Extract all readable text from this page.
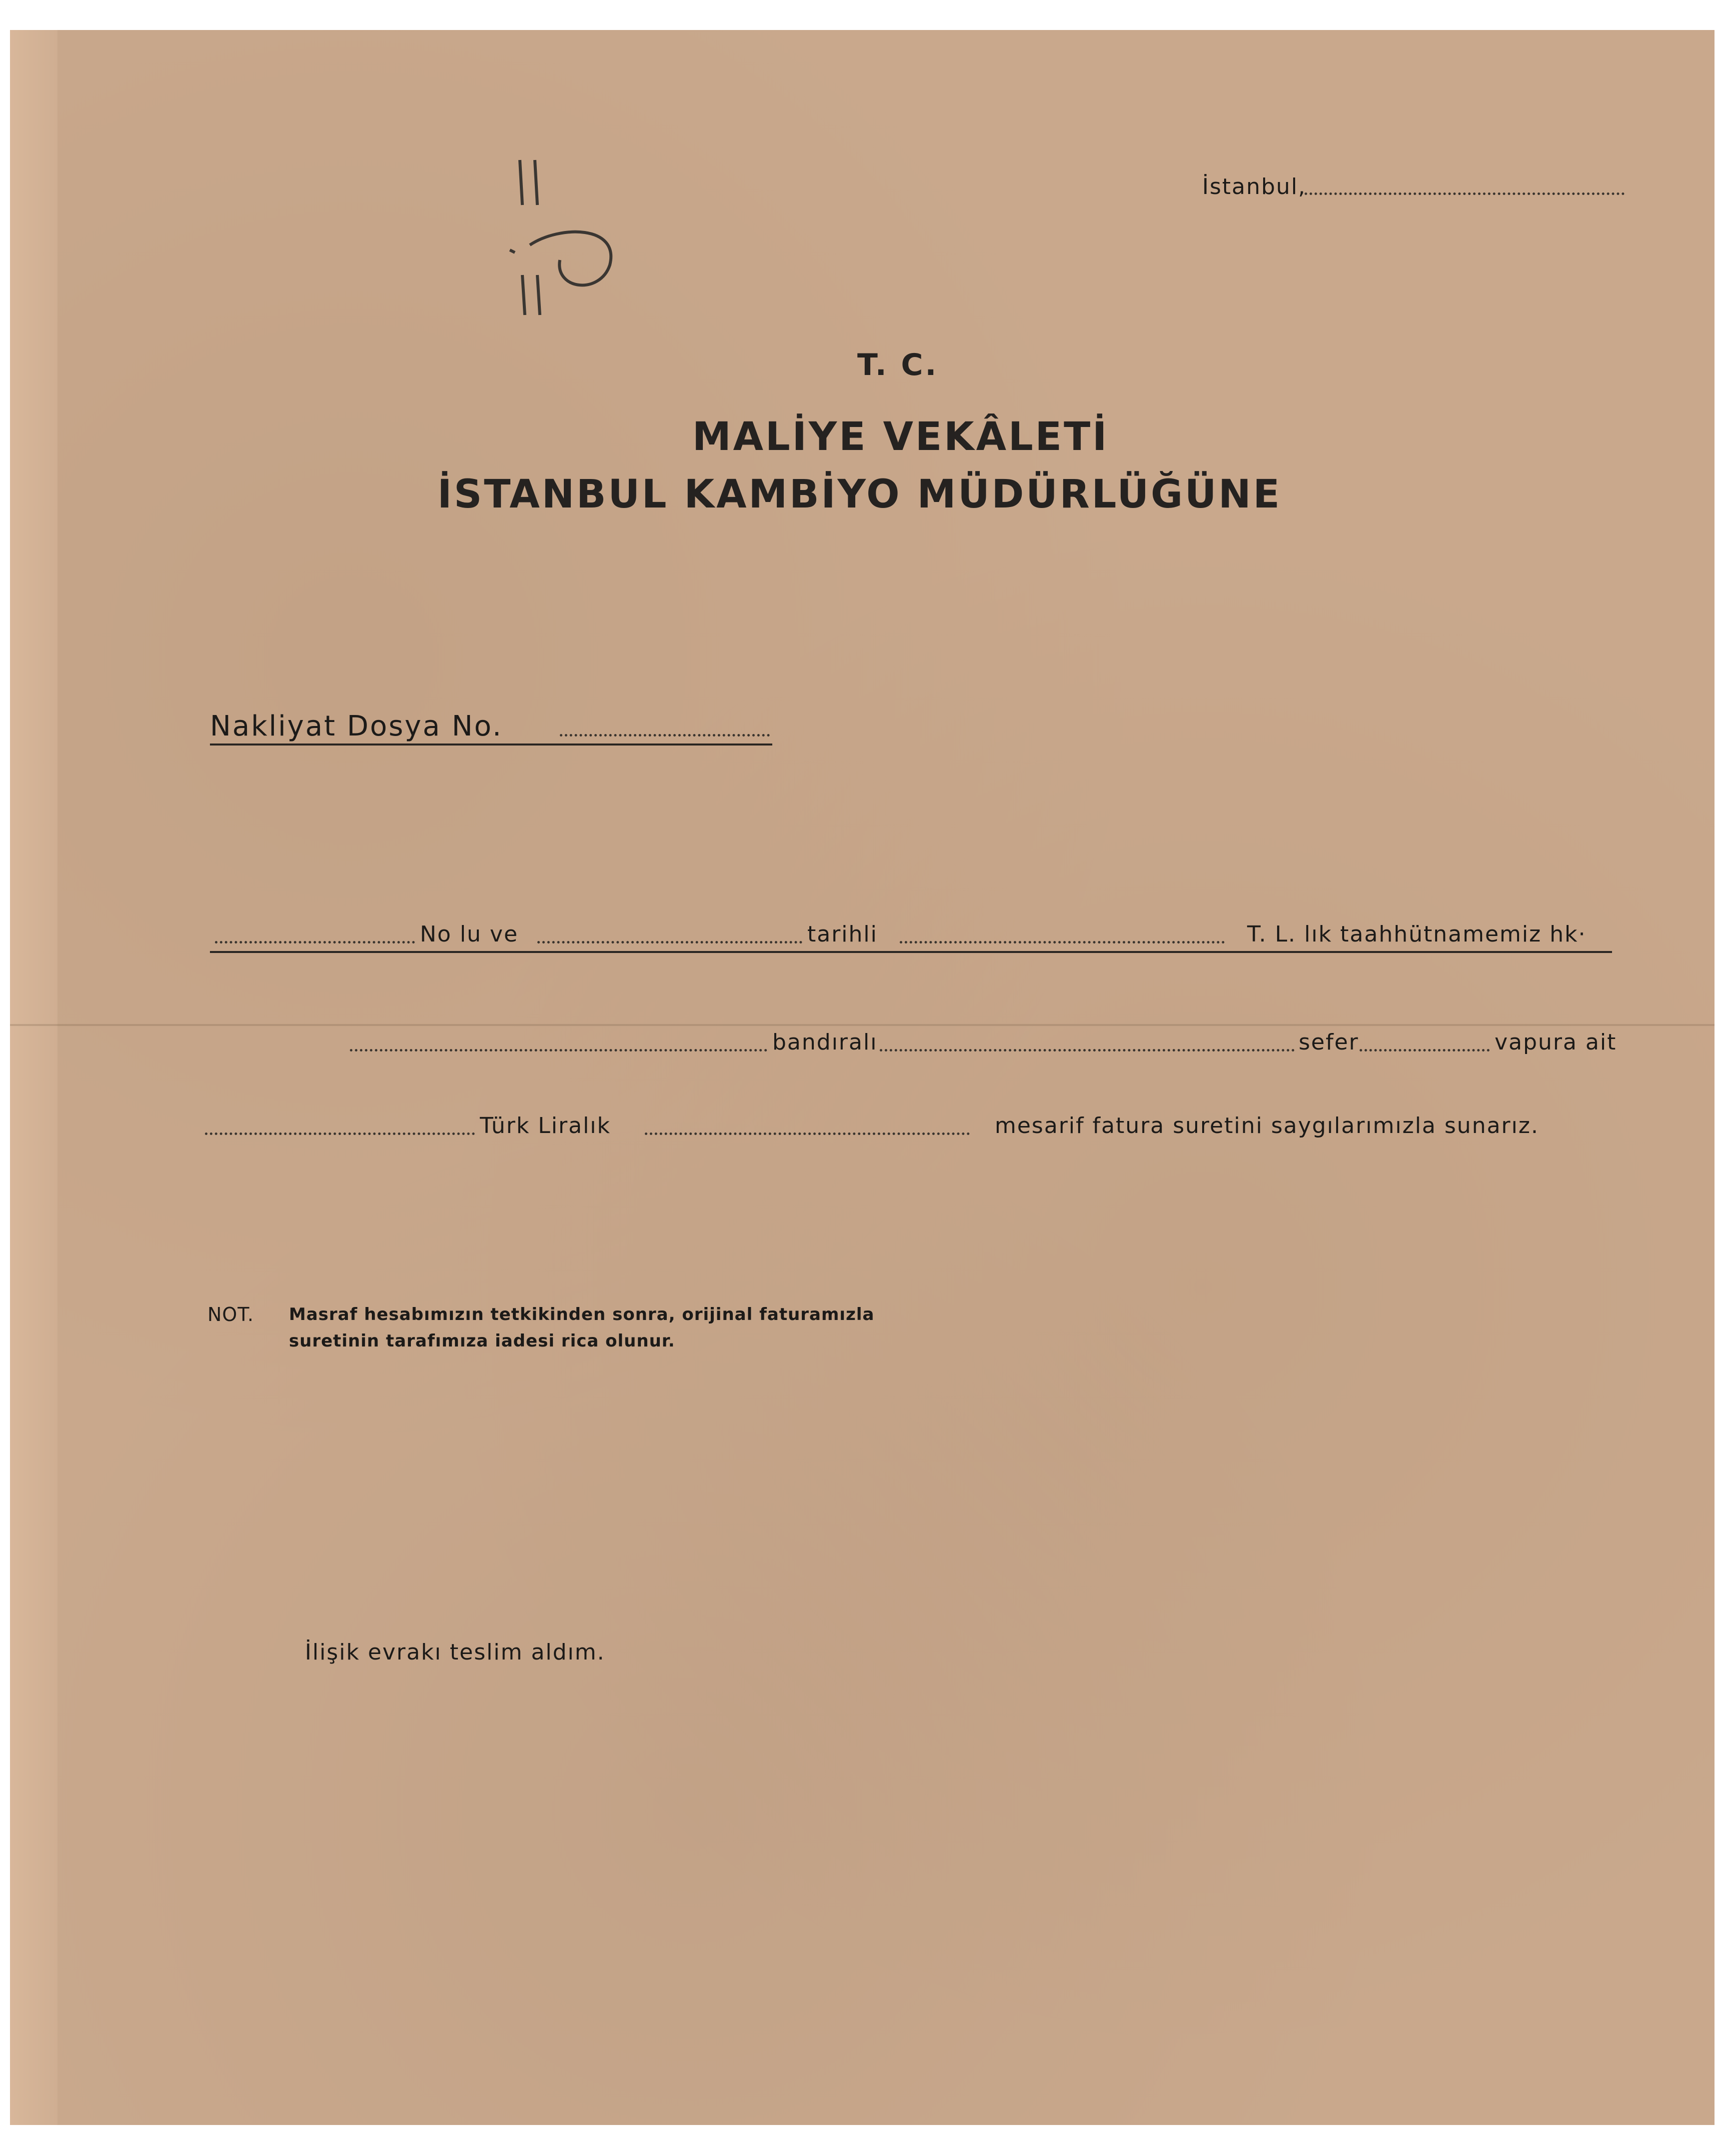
İstanbul,
T. C.
MALİYE VEKÂLETİ
İSTANBUL KAMBİYO MÜDÜRLÜĞÜNE
Nakliyat Dosya No.
No lu ve	tarihli	T. L. lık taahhütnamemiz hk·
bandıralı	sefer	vapura ait
Türk Liralık	mesarif fatura suretini saygılarımızla sunarız.
NOT. Masraf hesabımızın tetkikinden sonra, orijinal faturamızla
suretinin tarafımıza iadesi rica olunur.
İlişik evrakı teslim aldım.
